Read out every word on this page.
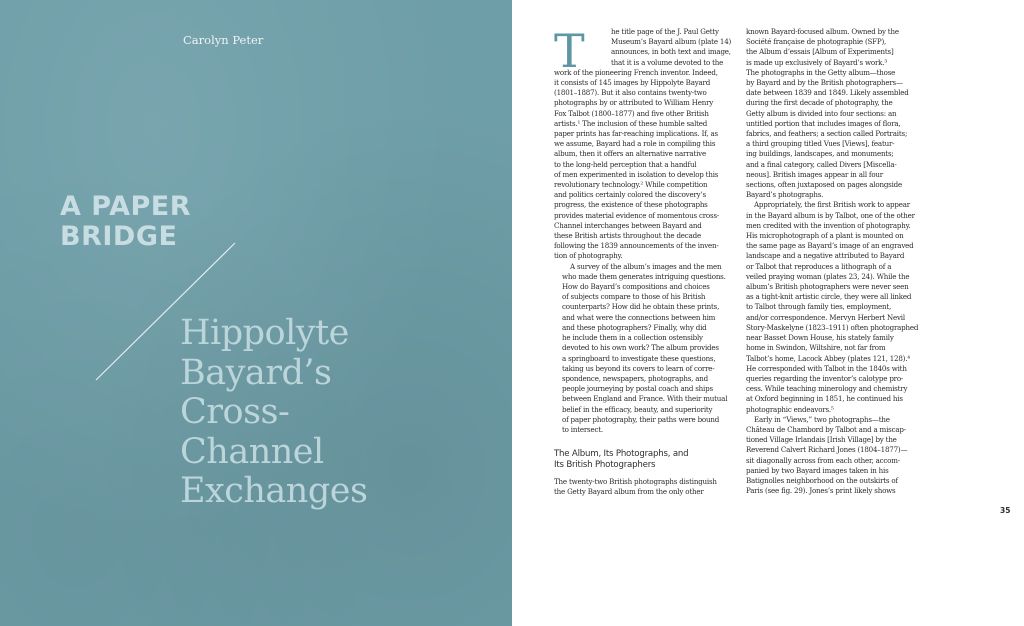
Carolyn Peter
A PAPER
BRIDGE
Hippolyte
Bayard’s
Cross-
Channel
Exchanges
T	he title page of the J. Paul Getty
Museum’s Bayard album (plate 14)
announces, in both text and image,
that it is a volume devoted to the
work of the pioneering French inventor. Indeed,
it consists of 145 images by Hippolyte Bayard
(1801–1887). But it also contains twenty-two
photographs by or attributed to William Henry
Fox Talbot (1800–1877) and five other British
artists.¹ The inclusion of these humble salted
paper prints has far-reaching implications. If, as
we assume, Bayard had a role in compiling this
album, then it offers an alternative narrative
to the long-held perception that a handful
of men experimented in isolation to develop this
revolutionary technology.² While competition
and politics certainly colored the discovery’s
progress, the existence of these photographs
provides material evidence of momentous cross-
Channel interchanges between Bayard and
these British artists throughout the decade
following the 1839 announcements of the inven-
tion of photography.

A survey of the album’s images and the men
who made them generates intriguing questions.
How do Bayard’s compositions and choices
of subjects compare to those of his British
counterparts? How did he obtain these prints,
and what were the connections between him
and these photographers? Finally, why did
he include them in a collection ostensibly
devoted to his own work? The album provides
a springboard to investigate these questions,
taking us beyond its covers to learn of corre-
spondence, newspapers, photographs, and
people journeying by postal coach and ships
between England and France. With their mutual
belief in the efficacy, beauty, and superiority
of paper photography, their paths were bound
to intersect.

The Album, Its Photographs, and
Its British Photographers

The twenty-two British photographs distinguish
the Getty Bayard album from the only other

known Bayard-focused album. Owned by the
Société française de photographie (SFP),
the Album d’essais [Album of Experiments]
is made up exclusively of Bayard’s work.³
The photographs in the Getty album—those
by Bayard and by the British photographers—
date between 1839 and 1849. Likely assembled
during the first decade of photography, the
Getty album is divided into four sections: an
untitled portion that includes images of flora,
fabrics, and feathers; a section called Portraits;
a third grouping titled Vues [Views], featur-
ing buildings, landscapes, and monuments;
and a final category, called Divers [Miscella-
neous]. British images appear in all four
sections, often juxtaposed on pages alongside
Bayard’s photographs.

Appropriately, the first British work to appear
in the Bayard album is by Talbot, one of the other
men credited with the invention of photography.
His microphotograph of a plant is mounted on
the same page as Bayard’s image of an engraved
landscape and a negative attributed to Bayard
or Talbot that reproduces a lithograph of a
veiled praying woman (plates 23, 24). While the
album’s British photographers were never seen
as a tight-knit artistic circle, they were all linked
to Talbot through family ties, employment,
and/or correspondence. Mervyn Herbert Nevil
Story-Maskelyne (1823–1911) often photographed
near Basset Down House, his stately family
home in Swindon, Wiltshire, not far from
Talbot’s home, Lacock Abbey (plates 121, 128).⁴
He corresponded with Talbot in the 1840s with
queries regarding the inventor’s calotype pro-
cess. While teaching minerology and chemistry
at Oxford beginning in 1851, he continued his
photographic endeavors.⁵

Early in “Views,” two photographs—the
Château de Chambord by Talbot and a miscap-
tioned Village Irlandais [Irish Village] by the
Reverend Calvert Richard Jones (1804–1877)—
sit diagonally across from each other, accom-
panied by two Bayard images taken in his
Batignolles neighborhood on the outskirts of
Paris (see fig. 29). Jones’s print likely shows

35
